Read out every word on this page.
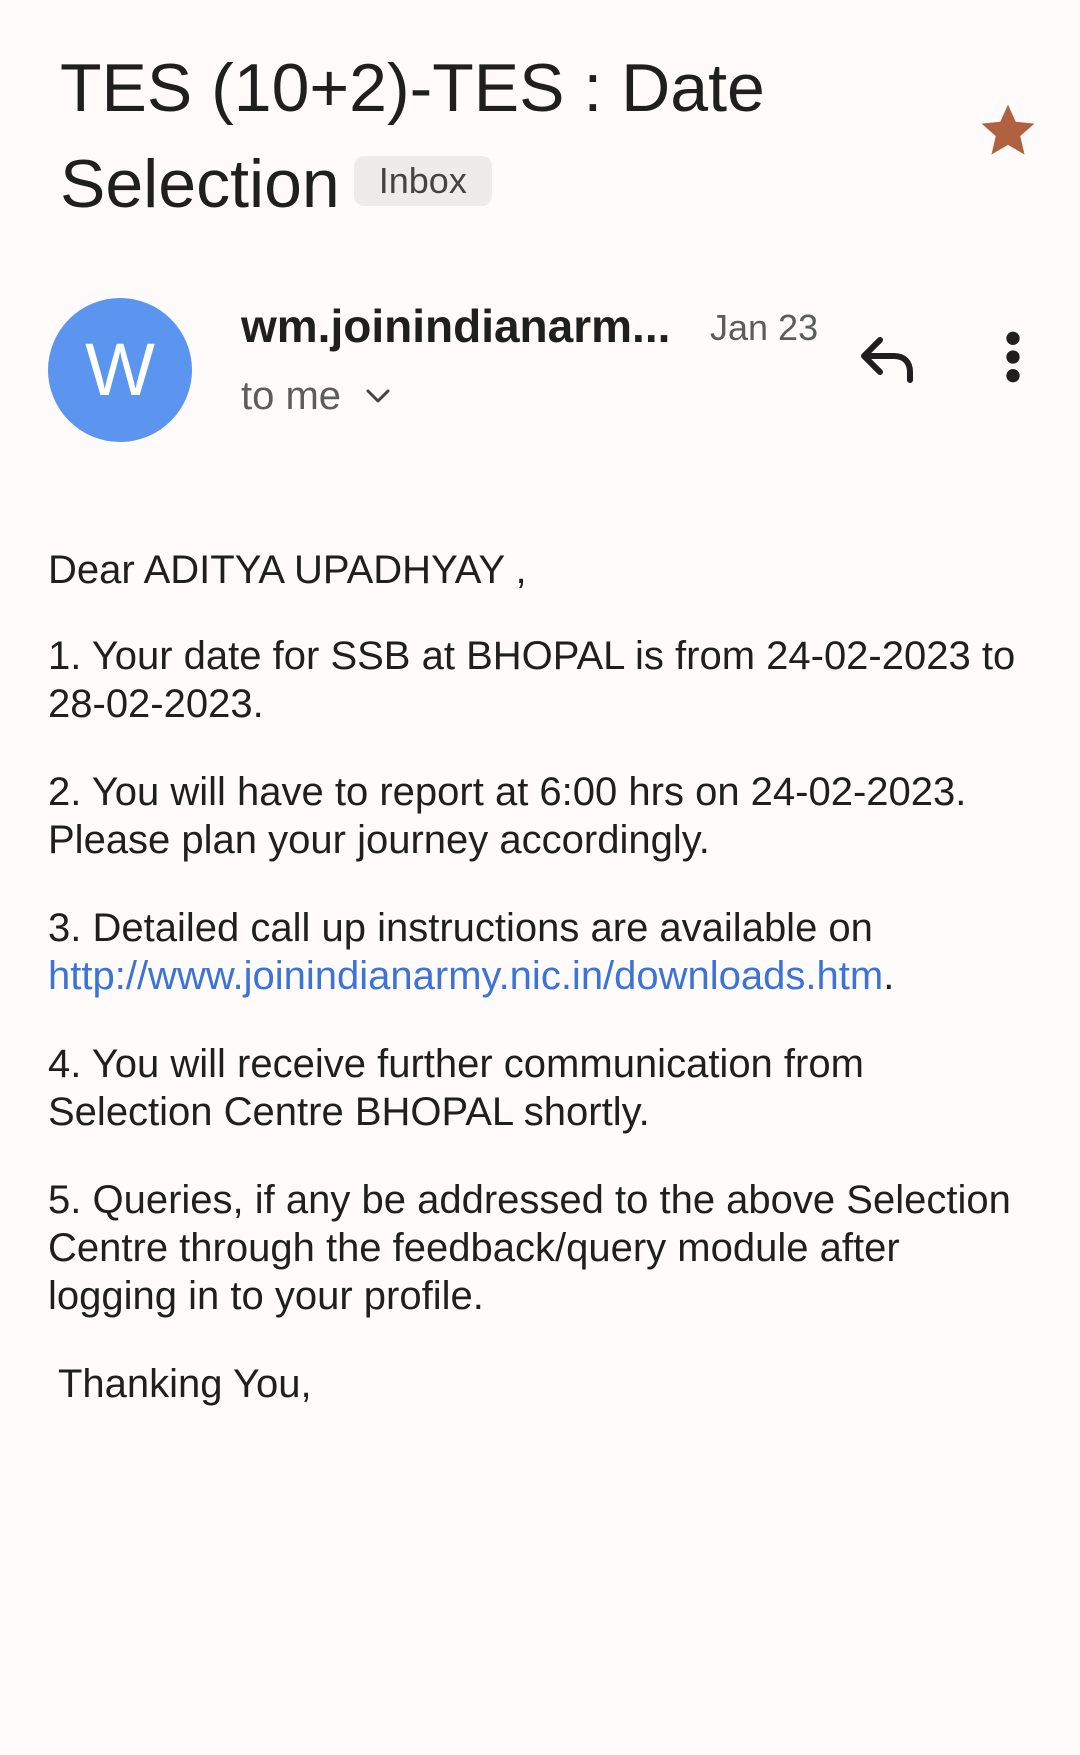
TES (10+2)-TES : Date Selection Inbox
W
wm.joinindianarm... Jan 23
to me

Dear ADITYA UPADHYAY ,

1. Your date for SSB at BHOPAL is from 24-02-2023 to 28-02-2023.

2. You will have to report at 6:00 hrs on 24-02-2023. Please plan your journey accordingly.

3. Detailed call up instructions are available on http://www.joinindianarmy.nic.in/downloads.htm.

4. You will receive further communication from Selection Centre BHOPAL shortly.

5. Queries, if any be addressed to the above Selection Centre through the feedback/query module after logging in to your profile.

Thanking You,
